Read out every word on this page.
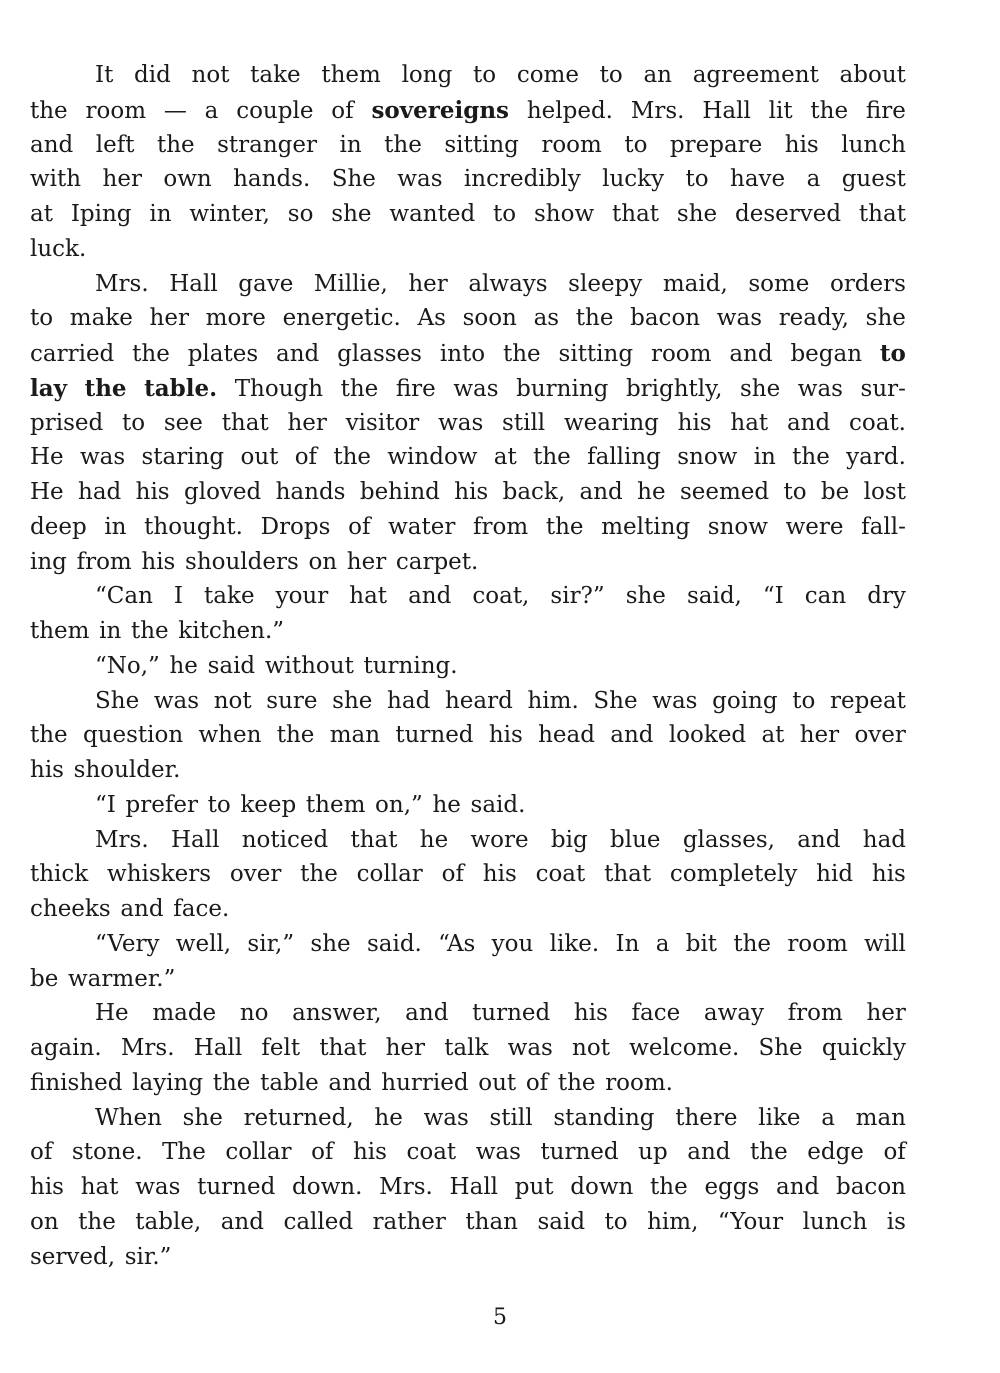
It did not take them long to come to an agreement about
the room — a couple of sovereigns helped. Mrs. Hall lit the fire
and left the stranger in the sitting room to prepare his lunch
with her own hands. She was incredibly lucky to have a guest
at Iping in winter, so she wanted to show that she deserved that
luck.
Mrs. Hall gave Millie, her always sleepy maid, some orders
to make her more energetic. As soon as the bacon was ready, she
carried the plates and glasses into the sitting room and began to
lay the table. Though the fire was burning brightly, she was sur-
prised to see that her visitor was still wearing his hat and coat.
He was staring out of the window at the falling snow in the yard.
He had his gloved hands behind his back, and he seemed to be lost
deep in thought. Drops of water from the melting snow were fall-
ing from his shoulders on her carpet.
“Can I take your hat and coat, sir?” she said, “I can dry
them in the kitchen.”
“No,” he said without turning.
She was not sure she had heard him. She was going to repeat
the question when the man turned his head and looked at her over
his shoulder.
“I prefer to keep them on,” he said.
Mrs. Hall noticed that he wore big blue glasses, and had
thick whiskers over the collar of his coat that completely hid his
cheeks and face.
“Very well, sir,” she said. “As you like. In a bit the room will
be warmer.”
He made no answer, and turned his face away from her
again. Mrs. Hall felt that her talk was not welcome. She quickly
finished laying the table and hurried out of the room.
When she returned, he was still standing there like a man
of stone. The collar of his coat was turned up and the edge of
his hat was turned down. Mrs. Hall put down the eggs and bacon
on the table, and called rather than said to him, “Your lunch is
served, sir.”
5
